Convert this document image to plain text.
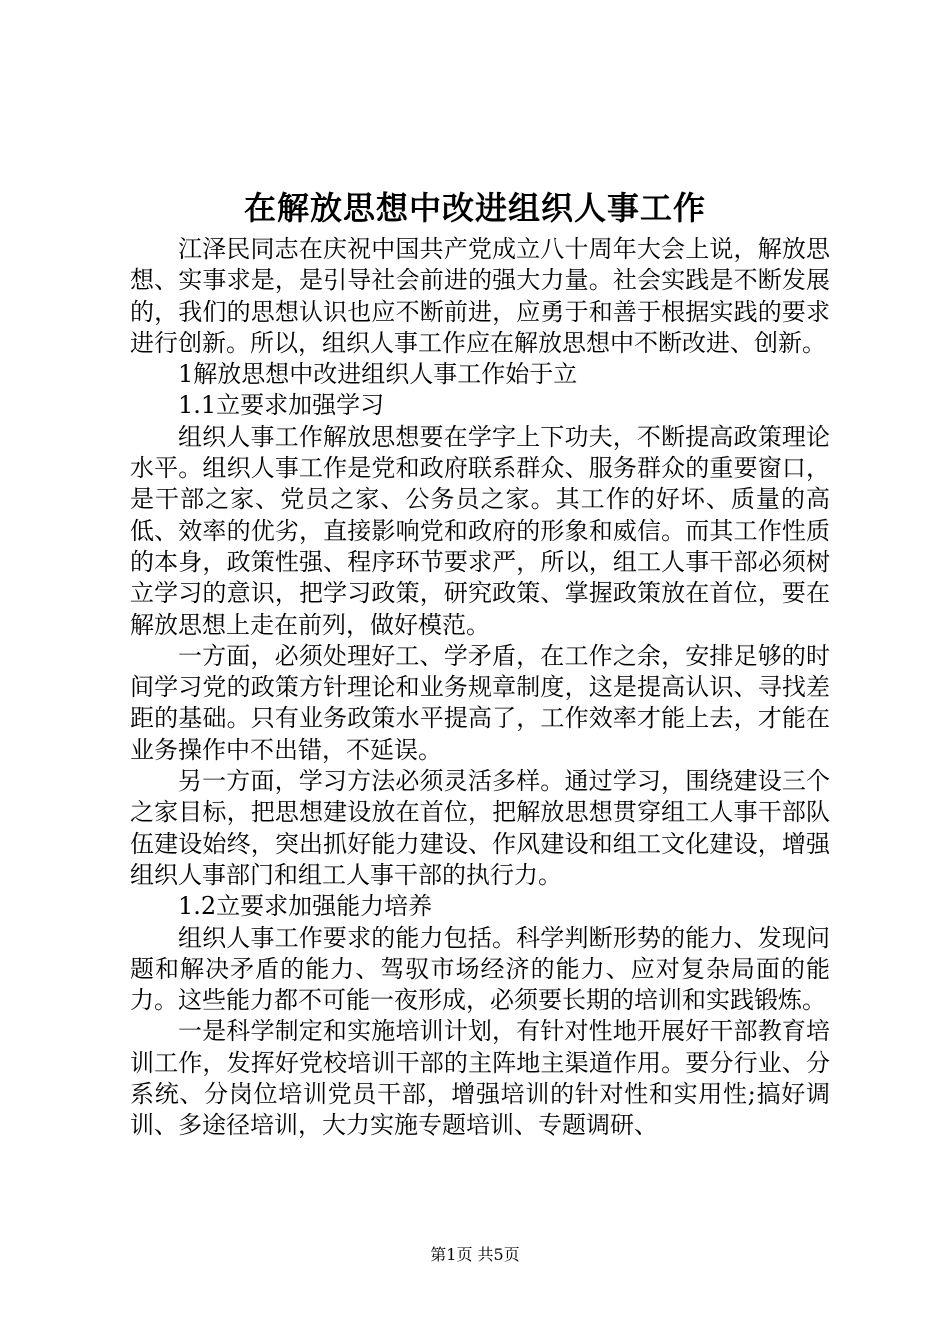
在解放思想中改进组织人事工作

江泽民同志在庆祝中国共产党成立八十周年大会上说，解放思想、实事求是，是引导社会前进的强大力量。社会实践是不断发展的，我们的思想认识也应不断前进，应勇于和善于根据实践的要求进行创新。所以，组织人事工作应在解放思想中不断改进、创新。

1解放思想中改进组织人事工作始于立

1.1立要求加强学习

组织人事工作解放思想要在学字上下功夫，不断提高政策理论水平。组织人事工作是党和政府联系群众、服务群众的重要窗口，是干部之家、党员之家、公务员之家。其工作的好坏、质量的高低、效率的优劣，直接影响党和政府的形象和威信。而其工作性质的本身，政策性强、程序环节要求严，所以，组工人事干部必须树立学习的意识，把学习政策，研究政策、掌握政策放在首位，要在解放思想上走在前列，做好模范。

一方面，必须处理好工、学矛盾，在工作之余，安排足够的时间学习党的政策方针理论和业务规章制度，这是提高认识、寻找差距的基础。只有业务政策水平提高了，工作效率才能上去，才能在业务操作中不出错，不延误。

另一方面，学习方法必须灵活多样。通过学习，围绕建设三个之家目标，把思想建设放在首位，把解放思想贯穿组工人事干部队伍建设始终，突出抓好能力建设、作风建设和组工文化建设，增强组织人事部门和组工人事干部的执行力。

1.2立要求加强能力培养

组织人事工作要求的能力包括。科学判断形势的能力、发现问题和解决矛盾的能力、驾驭市场经济的能力、应对复杂局面的能力。这些能力都不可能一夜形成，必须要长期的培训和实践锻炼。

一是科学制定和实施培训计划，有针对性地开展好干部教育培训工作，发挥好党校培训干部的主阵地主渠道作用。要分行业、分系统、分岗位培训党员干部，增强培训的针对性和实用性;搞好调训、多途径培训，大力实施专题培训、专题调研、

第1页 共5页
